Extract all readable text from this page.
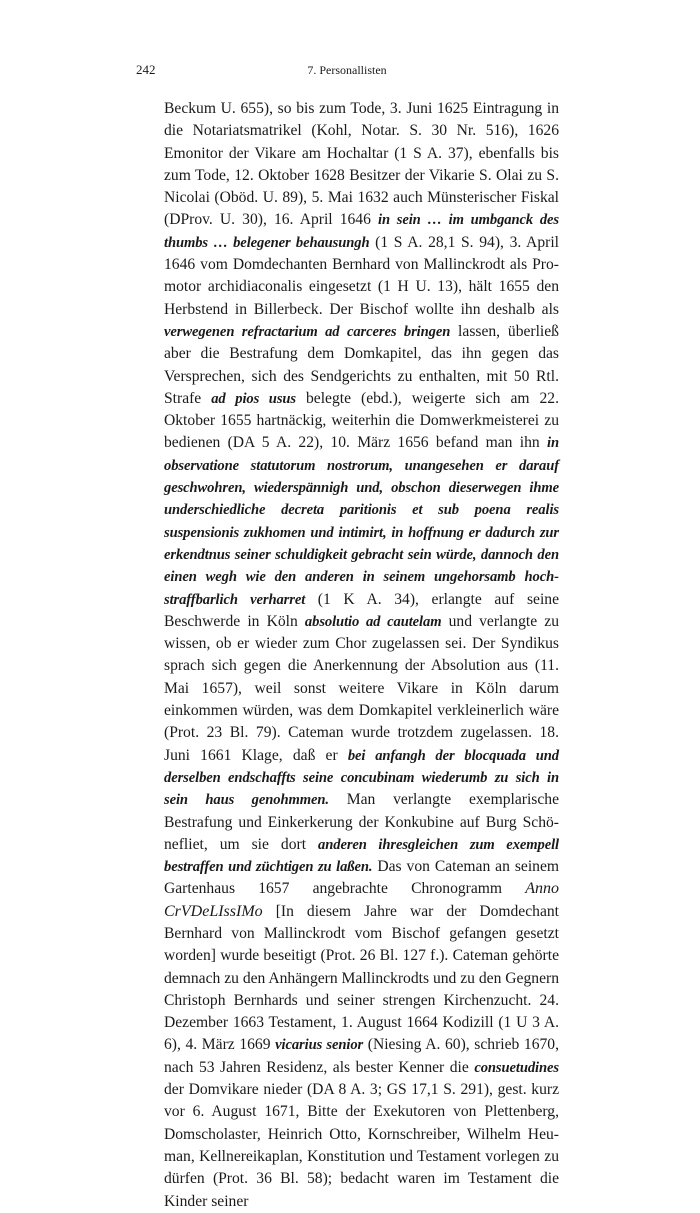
242	7. Personallisten

Beckum U. 655), so bis zum Tode, 3. Juni 1625 Eintragung in die Notariatsmatrikel (Kohl, Notar. S. 30 Nr. 516), 1626 Emonitor der Vikare am Hochaltar (1 S A. 37), ebenfalls bis zum Tode, 12. Oktober 1628 Besitzer der Vikarie S. Olai zu S. Nicolai (Oböd. U. 89), 5. Mai 1632 auch Münsterischer Fiskal (DProv. U. 30), 16. April 1646 in sein … im umbganck des thumbs … belegener behausungh (1 S A. 28,1 S. 94), 3. April 1646 vom Domdechanten Bernhard von Mallinckrodt als Promotor archidiaconalis eingesetzt (1 H U. 13), hält 1655 den Herbstend in Billerbeck. Der Bischof wollte ihn deshalb als verwegenen refractarium ad carceres bringen lassen, überließ aber die Bestrafung dem Domkapitel, das ihn gegen das Versprechen, sich des Sendgerichts zu enthalten, mit 50 Rtl. Strafe ad pios usus belegte (ebd.), weigerte sich am 22. Oktober 1655 hartnäckig, weiterhin die Domwerkmeisterei zu bedienen (DA 5 A. 22), 10. März 1656 befand man ihn in observatione statutorum nostrorum, unangesehen er darauf geschwohren, wiederspännigh und, obschon dieserwegen ihme underschiedliche decreta paritionis et sub poena realis suspensionis zukhomen und intimirt, in hoffnung er dadurch zur erkendtnus seiner schuldigkeit gebracht sein würde, dannoch den einen wegh wie den anderen in seinem ungehorsamb hochstraffbarlich verharret (1 K A. 34), erlangte auf seine Beschwerde in Köln absolutio ad cautelam und verlangte zu wissen, ob er wieder zum Chor zugelassen sei. Der Syndikus sprach sich gegen die Anerkennung der Absolution aus (11. Mai 1657), weil sonst weitere Vikare in Köln darum einkommen würden, was dem Domkapitel verkleinerlich wäre (Prot. 23 Bl. 79). Cateman wurde trotzdem zugelassen. 18. Juni 1661 Klage, daß er bei anfangh der blocquada und derselben endschaffts seine concubinam wiederumb zu sich in sein haus genohmmen. Man verlangte exemplarische Bestrafung und Einkerkerung der Konkubine auf Burg Schönefliet, um sie dort anderen ihresgleichen zum exempell bestraffen und züchtigen zu laßen. Das von Cateman an seinem Gartenhaus 1657 angebrachte Chronogramm Anno CrVDeLIssIMo [In diesem Jahre war der Domdechant Bernhard von Mallinckrodt vom Bischof gefangen gesetzt worden] wurde beseitigt (Prot. 26 Bl. 127 f.). Cateman gehörte demnach zu den Anhängern Mallinckrodts und zu den Gegnern Christoph Bernhards und seiner strengen Kirchenzucht. 24. Dezember 1663 Testament, 1. August 1664 Kodizill (1 U 3 A. 6), 4. März 1669 vicarius senior (Niesing A. 60), schrieb 1670, nach 53 Jahren Residenz, als bester Kenner die consuetudines der Domvikare nieder (DA 8 A. 3; GS 17,1 S. 291), gest. kurz vor 6. August 1671, Bitte der Exekutoren von Plettenberg, Domscholaster, Heinrich Otto, Kornschreiber, Wilhelm Heuman, Kellnereikaplan, Konstitution und Testament vorlegen zu dürfen (Prot. 36 Bl. 58); bedacht waren im Testament die Kinder seiner
